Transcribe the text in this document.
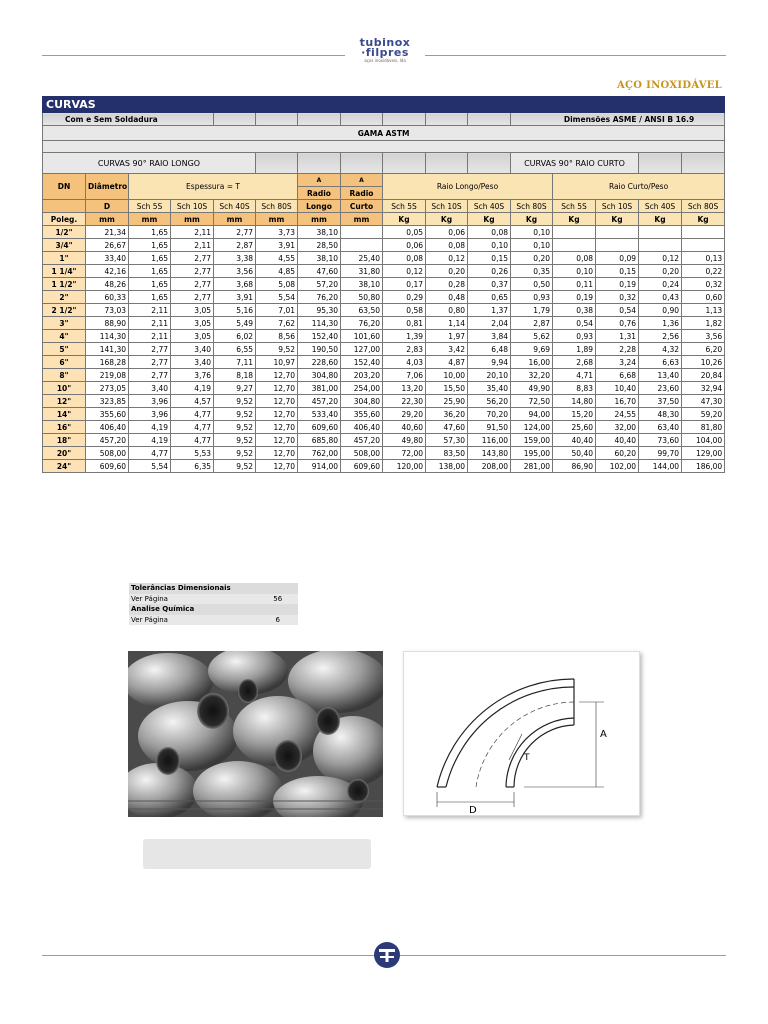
tubinox
·filpres
aços inoxidáveis, lda
AÇO INOXIDÁVEL
CURVAS															
Com e Sem Soldadura											Dimensões ASME / ANSI B 16.9				
GAMA ASTM															

CURVAS 90° RAIO LONGO											CURVAS 90° RAIO CURTO				
DN	Diâmetro	Espessura = T				A	A	Raio Longo/Peso				Raio Curto/Peso			
						Radio	Radio								
	D	Sch 5S	Sch 10S	Sch 40S	Sch 80S	Longo	Curto	Sch 5S	Sch 10S	Sch 40S	Sch 80S	Sch 5S	Sch 10S	Sch 40S	Sch 80S
Poleg.	mm	mm	mm	mm	mm	mm	mm	Kg	Kg	Kg	Kg	Kg	Kg	Kg	Kg
1/2"	21,34	1,65	2,11	2,77	3,73	38,10		0,05	0,06	0,08	0,10				
3/4"	26,67	1,65	2,11	2,87	3,91	28,50		0,06	0,08	0,10	0,10				
1"	33,40	1,65	2,77	3,38	4,55	38,10	25,40	0,08	0,12	0,15	0,20	0,08	0,09	0,12	0,13
1 1/4"	42,16	1,65	2,77	3,56	4,85	47,60	31,80	0,12	0,20	0,26	0,35	0,10	0,15	0,20	0,22
1 1/2"	48,26	1,65	2,77	3,68	5,08	57,20	38,10	0,17	0,28	0,37	0,50	0,11	0,19	0,24	0,32
2"	60,33	1,65	2,77	3,91	5,54	76,20	50,80	0,29	0,48	0,65	0,93	0,19	0,32	0,43	0,60
2 1/2"	73,03	2,11	3,05	5,16	7,01	95,30	63,50	0,58	0,80	1,37	1,79	0,38	0,54	0,90	1,13
3"	88,90	2,11	3,05	5,49	7,62	114,30	76,20	0,81	1,14	2,04	2,87	0,54	0,76	1,36	1,82
4"	114,30	2,11	3,05	6,02	8,56	152,40	101,60	1,39	1,97	3,84	5,62	0,93	1,31	2,56	3,56
5"	141,30	2,77	3,40	6,55	9,52	190,50	127,00	2,83	3,42	6,48	9,69	1,89	2,28	4,32	6,20
6"	168,28	2,77	3,40	7,11	10,97	228,60	152,40	4,03	4,87	9,94	16,00	2,68	3,24	6,63	10,26
8"	219,08	2,77	3,76	8,18	12,70	304,80	203,20	7,06	10,00	20,10	32,20	4,71	6,68	13,40	20,84
10"	273,05	3,40	4,19	9,27	12,70	381,00	254,00	13,20	15,50	35,40	49,90	8,83	10,40	23,60	32,94
12"	323,85	3,96	4,57	9,52	12,70	457,20	304,80	22,30	25,90	56,20	72,50	14,80	16,70	37,50	47,30
14"	355,60	3,96	4,77	9,52	12,70	533,40	355,60	29,20	36,20	70,20	94,00	15,20	24,55	48,30	59,20
16"	406,40	4,19	4,77	9,52	12,70	609,60	406,40	40,60	47,60	91,50	124,00	25,60	32,00	63,40	81,80
18"	457,20	4,19	4,77	9,52	12,70	685,80	457,20	49,80	57,30	116,00	159,00	40,40	40,40	73,60	104,00
20"	508,00	4,77	5,53	9,52	12,70	762,00	508,00	72,00	83,50	143,80	195,00	50,40	60,20	99,70	129,00
24"	609,60	5,54	6,35	9,52	12,70	914,00	609,60	120,00	138,00	208,00	281,00	86,90	102,00	144,00	186,00
Tolerâncias Dimensionais	
Ver Página	56
Analise Química	
Ver Página	6
A
T
D
